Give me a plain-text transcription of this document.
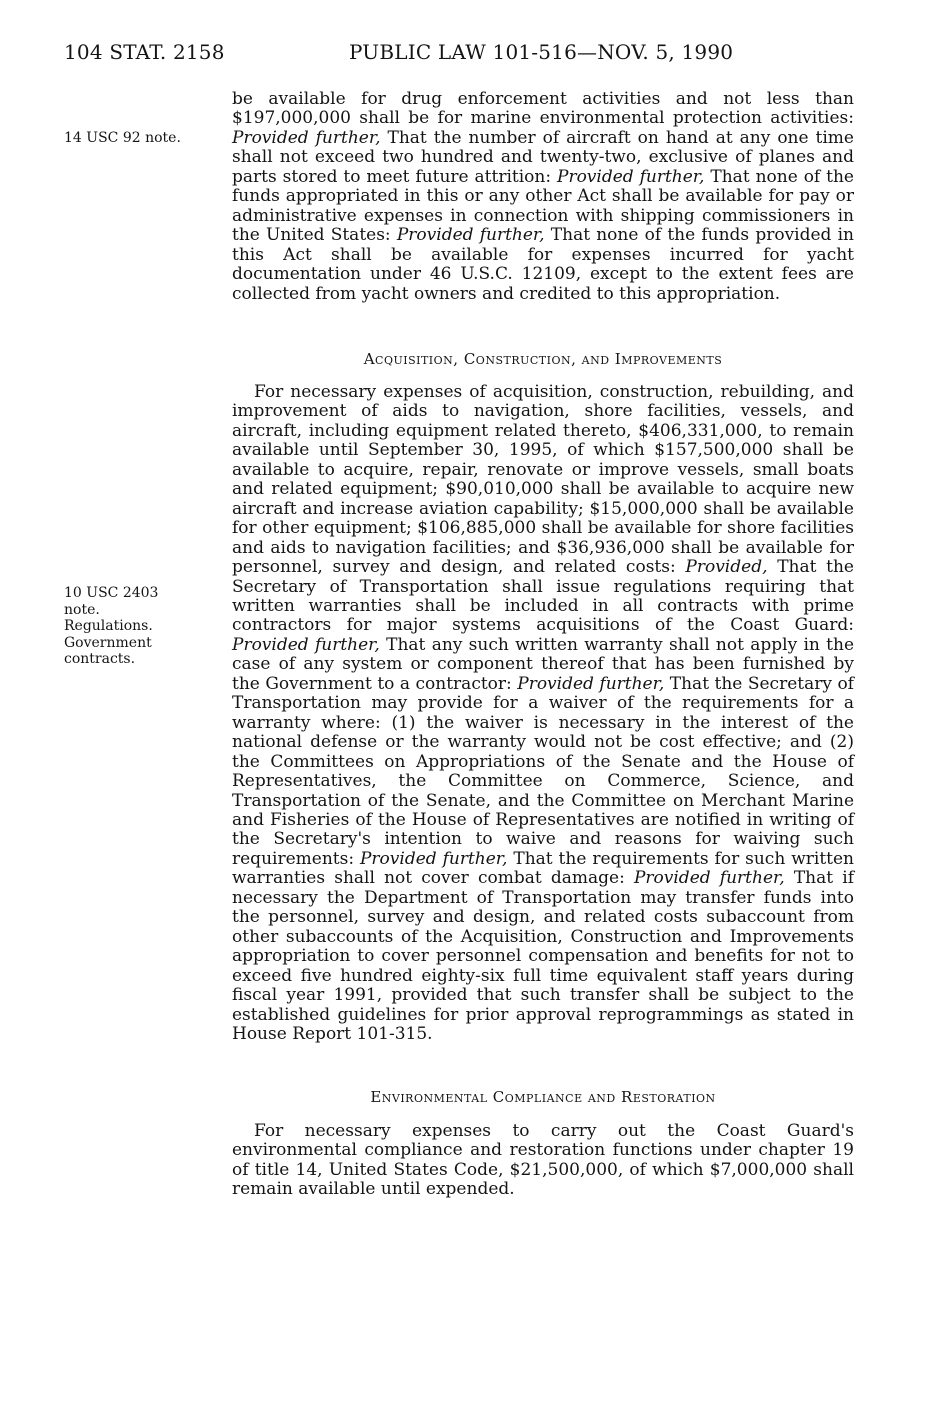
104 STAT. 2158	PUBLIC LAW 101-516—NOV. 5, 1990
14 USC 92 note.
10 USC 2403
note.
Regulations.
Government
contracts.

be available for drug enforcement activities and not less than $197,000,000 shall be for marine environmental protection activities: Provided further, That the number of aircraft on hand at any one time shall not exceed two hundred and twenty-two, exclusive of planes and parts stored to meet future attrition: Provided further, That none of the funds appropriated in this or any other Act shall be available for pay or administrative expenses in connection with shipping commissioners in the United States: Provided further, That none of the funds provided in this Act shall be available for expenses incurred for yacht documentation under 46 U.S.C. 12109, except to the extent fees are collected from yacht owners and credited to this appropriation.

Acquisition, Construction, and Improvements

For necessary expenses of acquisition, construction, rebuilding, and improvement of aids to navigation, shore facilities, vessels, and aircraft, including equipment related thereto, $406,331,000, to remain available until September 30, 1995, of which $157,500,000 shall be available to acquire, repair, renovate or improve vessels, small boats and related equipment; $90,010,000 shall be available to acquire new aircraft and increase aviation capability; $15,000,000 shall be available for other equipment; $106,885,000 shall be available for shore facilities and aids to navigation facilities; and $36,936,000 shall be available for personnel, survey and design, and related costs: Provided, That the Secretary of Transportation shall issue regulations requiring that written warranties shall be included in all contracts with prime contractors for major systems acquisitions of the Coast Guard: Provided further, That any such written warranty shall not apply in the case of any system or component thereof that has been furnished by the Government to a contractor: Provided further, That the Secretary of Transportation may provide for a waiver of the requirements for a warranty where: (1) the waiver is necessary in the interest of the national defense or the warranty would not be cost effective; and (2) the Committees on Appropriations of the Senate and the House of Representatives, the Committee on Commerce, Science, and Transportation of the Senate, and the Committee on Merchant Marine and Fisheries of the House of Representatives are notified in writing of the Secretary's intention to waive and reasons for waiving such requirements: Provided further, That the requirements for such written warranties shall not cover combat damage: Provided further, That if necessary the Department of Transportation may transfer funds into the personnel, survey and design, and related costs subaccount from other subaccounts of the Acquisition, Construction and Improvements appropriation to cover personnel compensation and benefits for not to exceed five hundred eighty-six full time equivalent staff years during fiscal year 1991, provided that such transfer shall be subject to the established guidelines for prior approval reprogrammings as stated in House Report 101-315.

Environmental Compliance and Restoration

For necessary expenses to carry out the Coast Guard's environmental compliance and restoration functions under chapter 19 of title 14, United States Code, $21,500,000, of which $7,000,000 shall remain available until expended.
